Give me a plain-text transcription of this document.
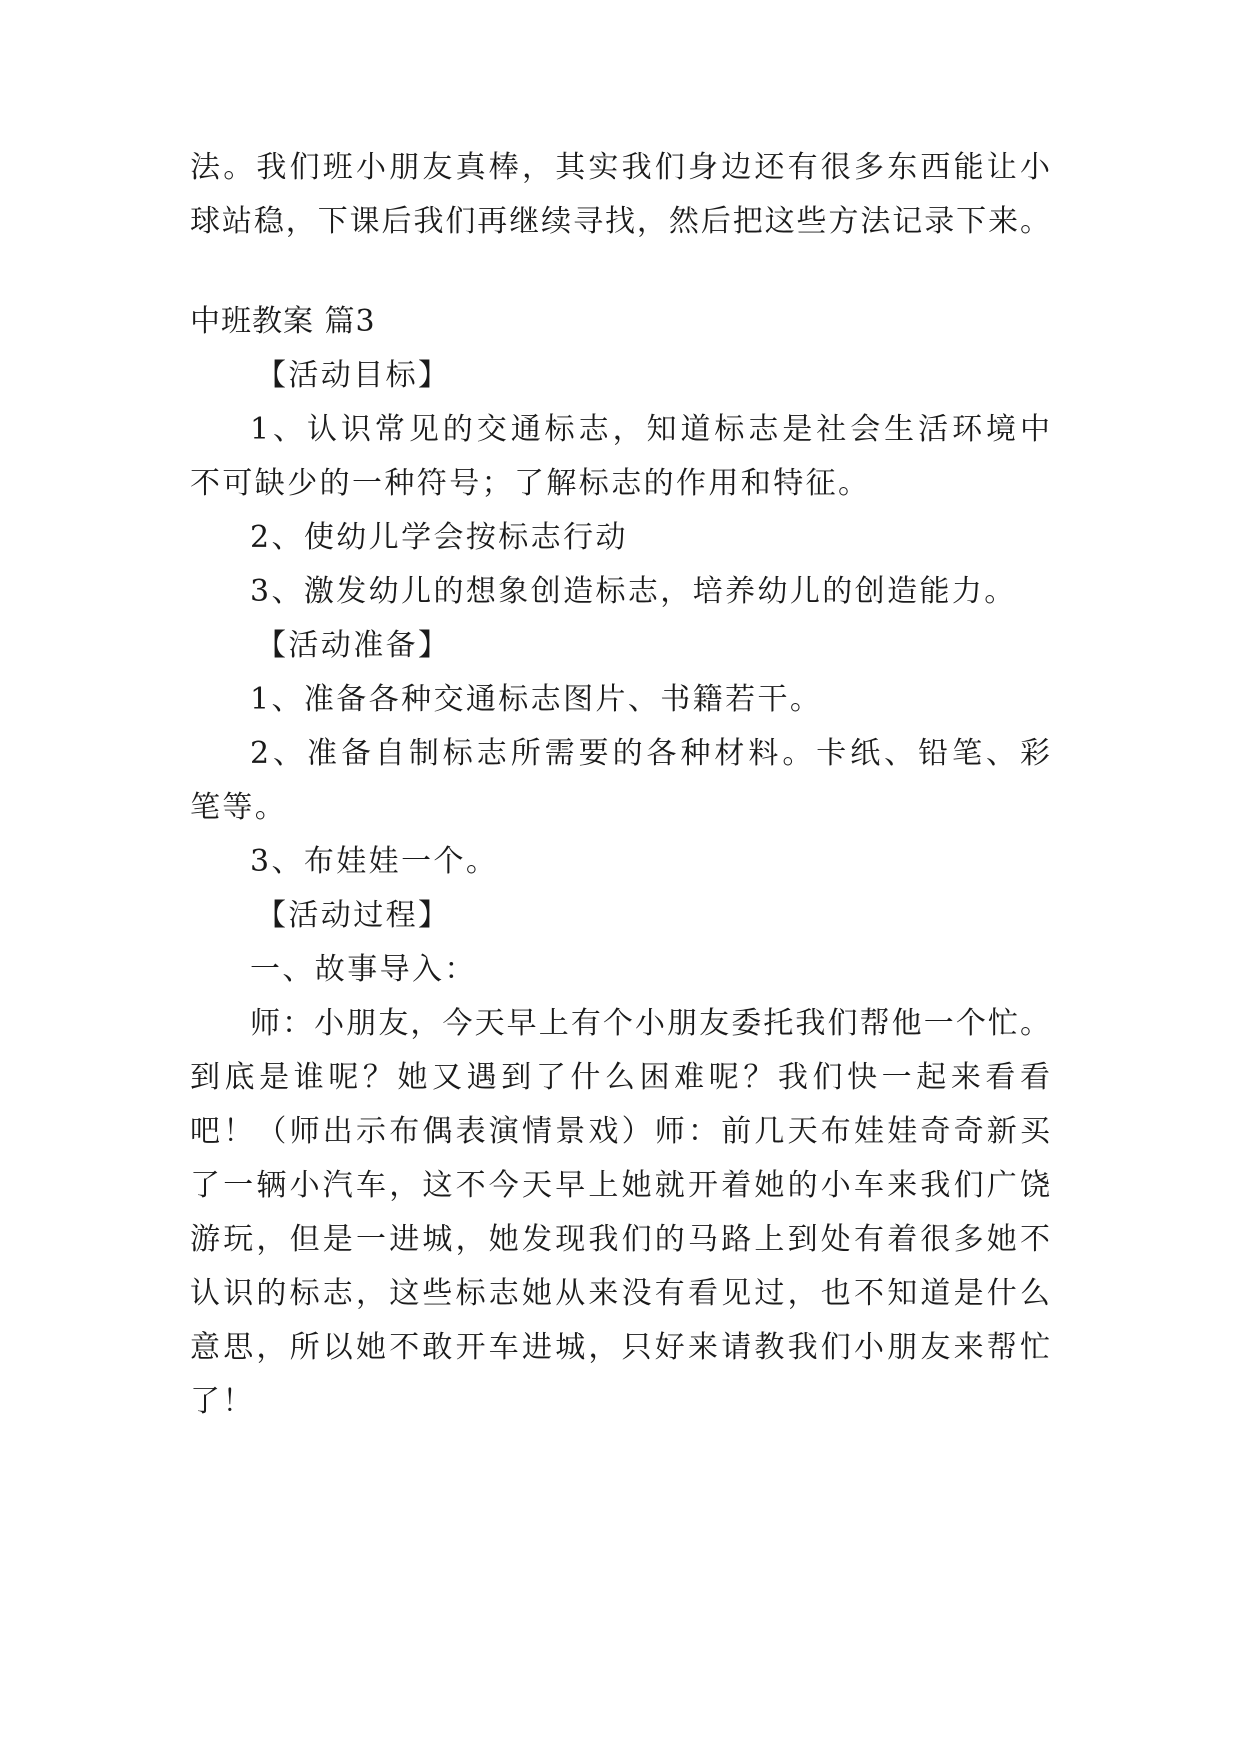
法。我们班小朋友真棒，其实我们身边还有很多东西能让小
球站稳，下课后我们再继续寻找，然后把这些方法记录下来。
中班教案 篇3
【活动目标】
1、认识常见的交通标志，知道标志是社会生活环境中
不可缺少的一种符号；了解标志的作用和特征。
2、使幼儿学会按标志行动
3、激发幼儿的想象创造标志，培养幼儿的创造能力。
【活动准备】
1、准备各种交通标志图片、书籍若干。
2、准备自制标志所需要的各种材料。卡纸、铅笔、彩
笔等。
3、布娃娃一个。
【活动过程】
一、故事导入：
师：小朋友，今天早上有个小朋友委托我们帮他一个忙。
到底是谁呢？她又遇到了什么困难呢？我们快一起来看看
吧！（师出示布偶表演情景戏）师：前几天布娃娃奇奇新买
了一辆小汽车，这不今天早上她就开着她的小车来我们广饶
游玩，但是一进城，她发现我们的马路上到处有着很多她不
认识的标志，这些标志她从来没有看见过，也不知道是什么
意思，所以她不敢开车进城，只好来请教我们小朋友来帮忙
了！
